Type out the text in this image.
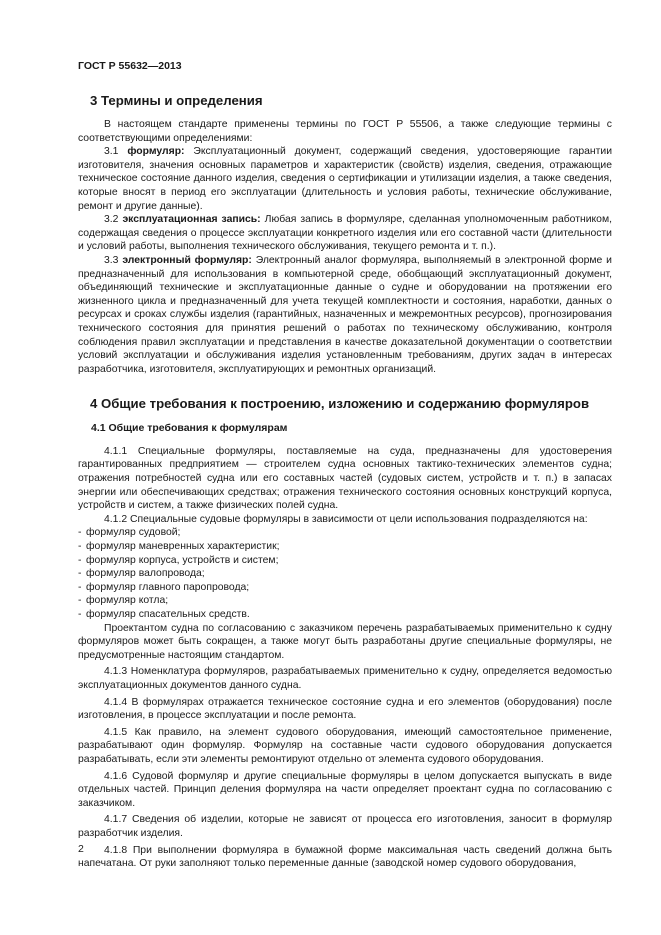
ГОСТ Р 55632—2013
3 Термины и определения

В настоящем стандарте применены термины по ГОСТ Р 55506, а также следующие термины с соответствующими определениями:

3.1 формуляр: Эксплуатационный документ, содержащий сведения, удостоверяющие гарантии изготовителя, значения основных параметров и характеристик (свойств) изделия, сведения, отражающие техническое состояние данного изделия, сведения о сертификации и утилизации изделия, а также сведения, которые вносят в период его эксплуатации (длительность и условия работы, технические обслуживание, ремонт и другие данные).

3.2 эксплуатационная запись: Любая запись в формуляре, сделанная уполномоченным работником, содержащая сведения о процессе эксплуатации конкретного изделия или его составной части (длительности и условий работы, выполнения технического обслуживания, текущего ремонта и т. п.).

3.3 электронный формуляр: Электронный аналог формуляра, выполняемый в электронной форме и предназначенный для использования в компьютерной среде, обобщающий эксплуатационный документ, объединяющий технические и эксплуатационные данные о судне и оборудовании на протяжении его жизненного цикла и предназначенный для учета текущей комплектности и состояния, наработки, данных о ресурсах и сроках службы изделия (гарантийных, назначенных и межремонтных ресурсов), прогнозирования технического состояния для принятия решений о работах по техническому обслуживанию, контроля соблюдения правил эксплуатации и представления в качестве доказательной документации о соответствии условий эксплуатации и обслуживания изделия установленным требованиям, других задач в интересах разработчика, изготовителя, эксплуатирующих и ремонтных организаций.

4 Общие требования к построению, изложению и содержанию формуляров
4.1 Общие требования к формулярам

4.1.1 Специальные формуляры, поставляемые на суда, предназначены для удостоверения гарантированных предприятием — строителем судна основных тактико-технических элементов судна; отражения потребностей судна или его составных частей (судовых систем, устройств и т. п.) в запасах энергии или обеспечивающих средствах; отражения технического состояния основных конструкций корпуса, устройств и систем, а также физических полей судна.

4.1.2 Специальные судовые формуляры в зависимости от цели использования подразделяются на:

- формуляр судовой;

- формуляр маневренных характеристик;

- формуляр корпуса, устройств и систем;

- формуляр валопровода;

- формуляр главного паропровода;

- формуляр котла;

- формуляр спасательных средств.

Проектантом судна по согласованию с заказчиком перечень разрабатываемых применительно к судну формуляров может быть сокращен, а также могут быть разработаны другие специальные формуляры, не предусмотренные настоящим стандартом.

4.1.3 Номенклатура формуляров, разрабатываемых применительно к судну, определяется ведомостью эксплуатационных документов данного судна.

4.1.4 В формулярах отражается техническое состояние судна и его элементов (оборудования) после изготовления, в процессе эксплуатации и после ремонта.

4.1.5 Как правило, на элемент судового оборудования, имеющий самостоятельное применение, разрабатывают один формуляр. Формуляр на составные части судового оборудования допускается разрабатывать, если эти элементы ремонтируют отдельно от элемента судового оборудования.

4.1.6 Судовой формуляр и другие специальные формуляры в целом допускается выпускать в виде отдельных частей. Принцип деления формуляра на части определяет проектант судна по согласованию с заказчиком.

4.1.7 Сведения об изделии, которые не зависят от процесса его изготовления, заносит в формуляр разработчик изделия.

4.1.8 При выполнении формуляра в бумажной форме максимальная часть сведений должна быть напечатана. От руки заполняют только переменные данные (заводской номер судового оборудования,

2
